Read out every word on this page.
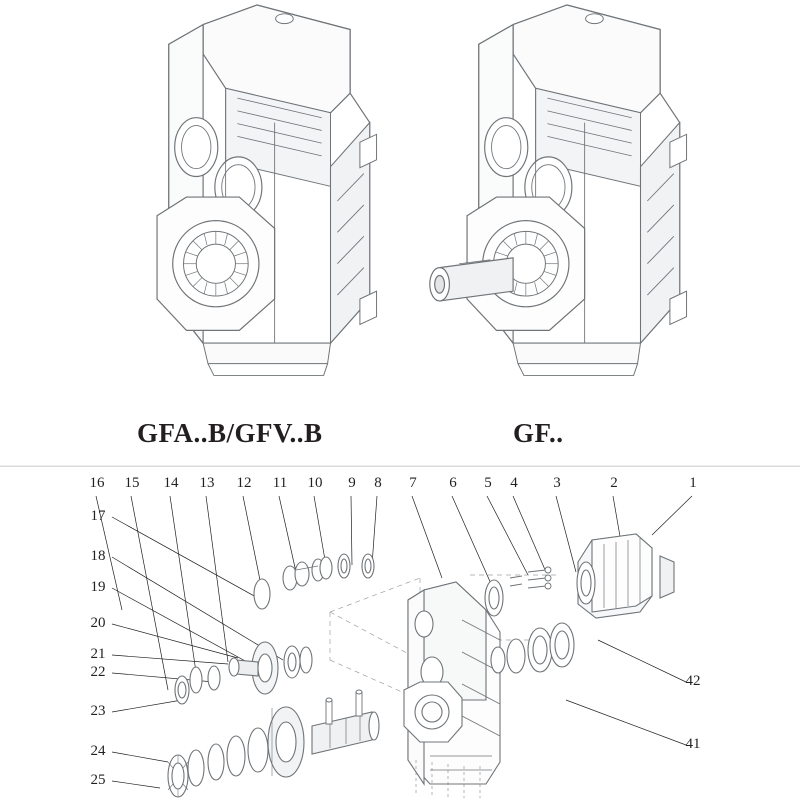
GFA..B/GFV..B	GF..
16 15 14 13 12 11 10	9	8	7	6	5	4	3	2	1
17
18
19
20
21
22
23
24
25
42
41
